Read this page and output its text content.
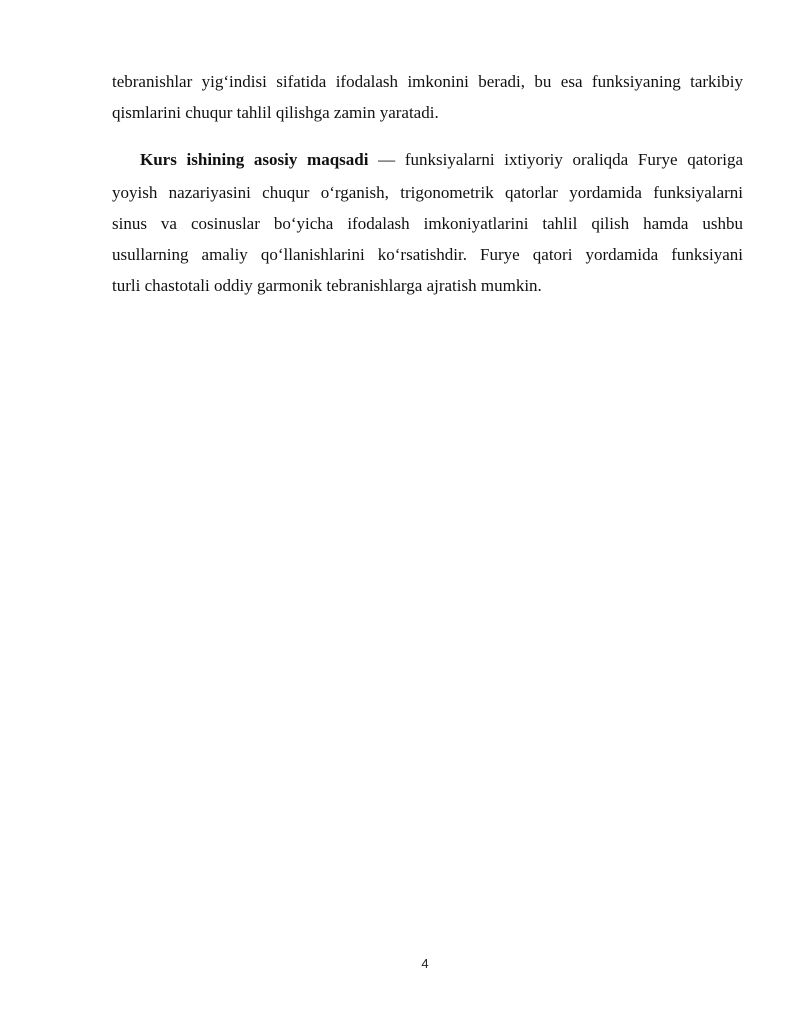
tebranishlar yig‘indisi sifatida ifodalash imkonini beradi, bu esa funksiyaning tarkibiy
qismlarini chuqur tahlil qilishga zamin yaratadi.
Kurs ishining asosiy maqsadi — funksiyalarni ixtiyoriy oraliqda Furye qatoriga
yoyish nazariyasini chuqur o‘rganish, trigonometrik qatorlar yordamida funksiyalarni
sinus va cosinuslar bo‘yicha ifodalash imkoniyatlarini tahlil qilish hamda ushbu
usullarning amaliy qo‘llanishlarini ko‘rsatishdir. Furye qatori yordamida funksiyani
turli chastotali oddiy garmonik tebranishlarga ajratish mumkin.
4
